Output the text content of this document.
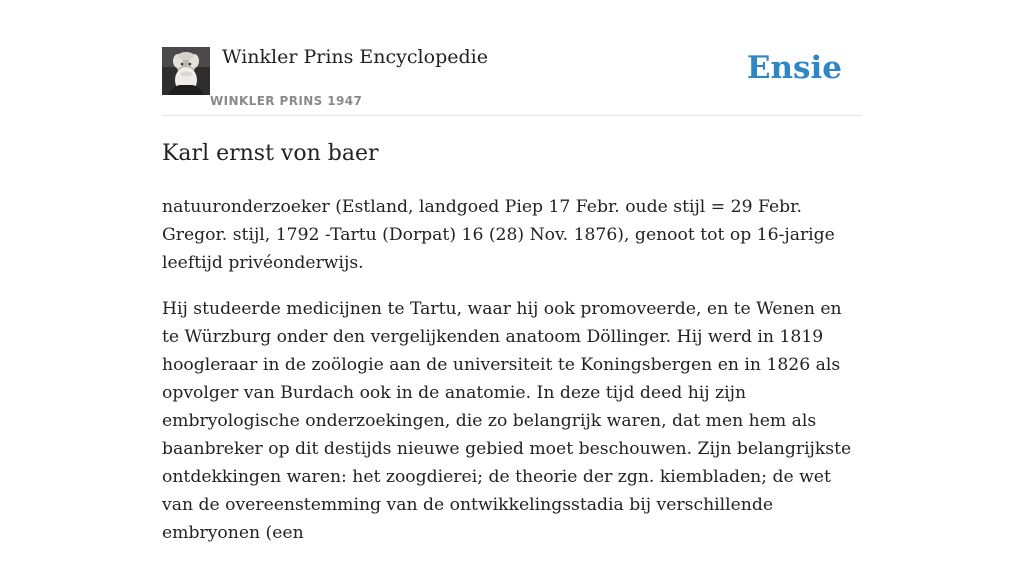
Winkler Prins Encyclopedie
WINKLER PRINS 1947
Ensie
Karl ernst von baer

natuuronderzoeker (Estland, landgoed Piep 17 Febr. oude stijl = 29 Febr. Gregor. stijl, 1792 -Tartu (Dorpat) 16 (28) Nov. 1876), genoot tot op 16-jarige leeftijd privéonderwijs.

Hij studeerde medicijnen te Tartu, waar hij ook promoveerde, en te Wenen en te Würzburg onder den vergelijkenden anatoom Döllinger. Hij werd in 1819 hoogleraar in de zoölogie aan de universiteit te Koningsbergen en in 1826 als opvolger van Burdach ook in de anatomie. In deze tijd deed hij zijn embryologische onderzoekingen, die zo belangrijk waren, dat men hem als baanbreker op dit destijds nieuwe gebied moet beschouwen. Zijn belangrijkste ontdekkingen waren: het zoogdierei; de theorie der zgn. kiembladen; de wet van de overeenstemming van de ontwikkelingsstadia bij verschillende embryonen (een
